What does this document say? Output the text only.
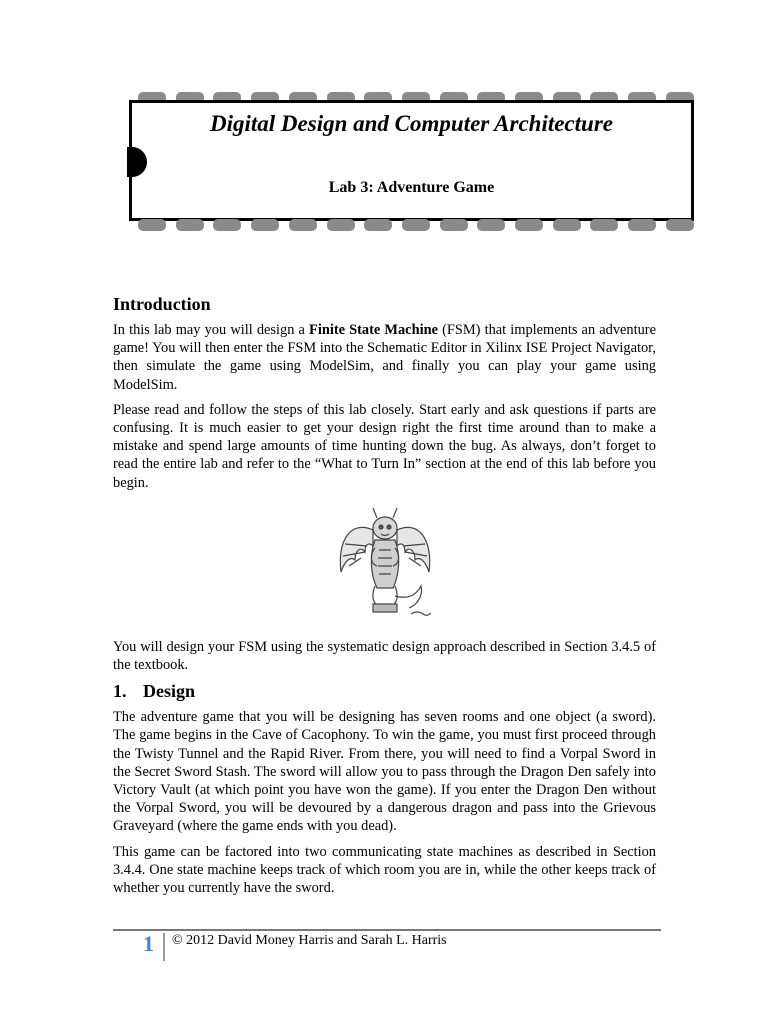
Digital Design and Computer Architecture
Lab 3: Adventure Game
Introduction

In this lab may you will design a Finite State Machine (FSM) that implements an adventure game! You will then enter the FSM into the Schematic Editor in Xilinx ISE Project Navigator, then simulate the game using ModelSim, and finally you can play your game using ModelSim.

Please read and follow the steps of this lab closely. Start early and ask questions if parts are confusing. It is much easier to get your design right the first time around than to make a mistake and spend large amounts of time hunting down the bug. As always, don’t forget to read the entire lab and refer to the “What to Turn In” section at the end of this lab before you begin.

You will design your FSM using the systematic design approach described in Section 3.4.5 of the textbook.

1. Design

The adventure game that you will be designing has seven rooms and one object (a sword). The game begins in the Cave of Cacophony. To win the game, you must first proceed through the Twisty Tunnel and the Rapid River. From there, you will need to find a Vorpal Sword in the Secret Sword Stash. The sword will allow you to pass through the Dragon Den safely into Victory Vault (at which point you have won the game). If you enter the Dragon Den without the Vorpal Sword, you will be devoured by a dangerous dragon and pass into the Grievous Graveyard (where the game ends with you dead).

This game can be factored into two communicating state machines as described in Section 3.4.4. One state machine keeps track of which room you are in, while the other keeps track of whether you currently have the sword.

1 © 2012 David Money Harris and Sarah L. Harris
